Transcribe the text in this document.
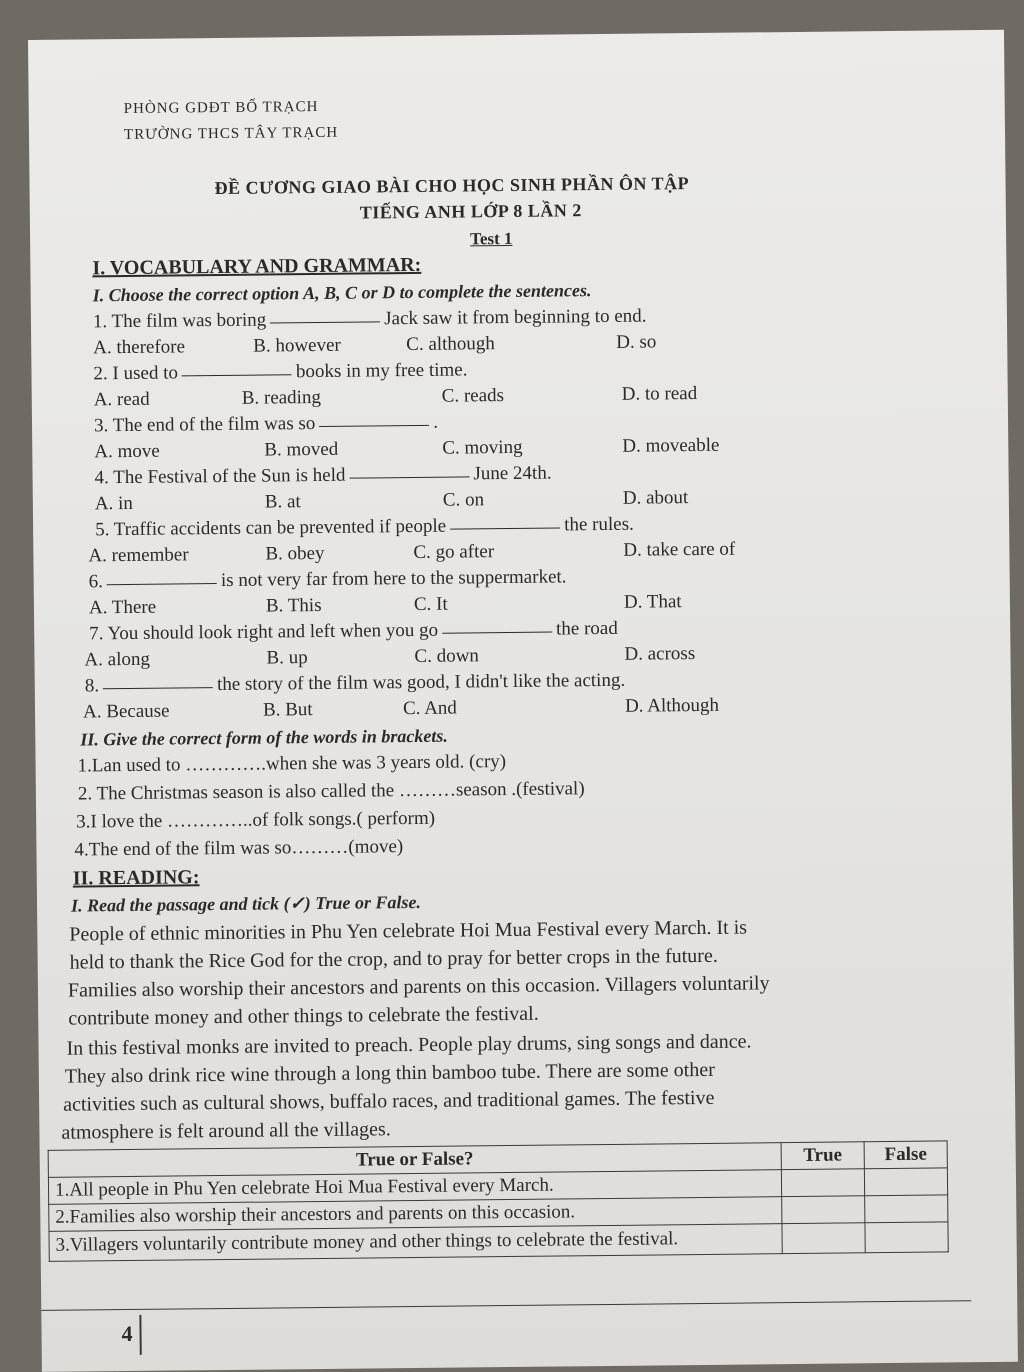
PHÒNG GDĐT BỐ TRẠCH
TRƯỜNG THCS TÂY TRẠCH
ĐỀ CƯƠNG GIAO BÀI CHO HỌC SINH PHẦN ÔN TẬP
TIẾNG ANH LỚP 8 LẦN 2
Test 1
I. VOCABULARY AND GRAMMAR:
I. Choose the correct option A, B, C or D to complete the sentences.
1. The film was boring	Jack saw it from beginning to end.
A. therefore	B. however	C. although	D. so
2. I used to	books in my free time.
A. read	B. reading	C. reads	D. to read
3. The end of the film was so	.
A. move	B. moved	C. moving	D. moveable
4. The Festival of the Sun is held	June 24th.
A. in	B. at	C. on	D. about
5. Traffic accidents can be prevented if people	the rules.
A. remember	B. obey	C. go after	D. take care of
6.	is not very far from here to the suppermarket.
A. There	B. This	C. It	D. That
7. You should look right and left when you go	the road
A. along	B. up	C. down	D. across
8.	the story of the film was good, I didn't like the acting.
A. Because	B. But	C. And	D. Although
II. Give the correct form of the words in brackets.
1.Lan used to ………….when she was 3 years old. (cry)
2. The Christmas season is also called the ………season .(festival)
3.I love the …………..of folk songs.( perform)
4.The end of the film was so………(move)
II. READING:
I. Read the passage and tick (✓) True or False.
People of ethnic minorities in Phu Yen celebrate Hoi Mua Festival every March. It is
held to thank the Rice God for the crop, and to pray for better crops in the future.
Families also worship their ancestors and parents on this occasion. Villagers voluntarily
contribute money and other things to celebrate the festival.
In this festival monks are invited to preach. People play drums, sing songs and dance.
They also drink rice wine through a long thin bamboo tube. There are some other
activities such as cultural shows, buffalo races, and traditional games. The festive
atmosphere is felt around all the villages.
True or False?	True	False
1.All people in Phu Yen celebrate Hoi Mua Festival every March.		
2.Families also worship their ancestors and parents on this occasion.		
3.Villagers voluntarily contribute money and other things to celebrate the festival.		
4
